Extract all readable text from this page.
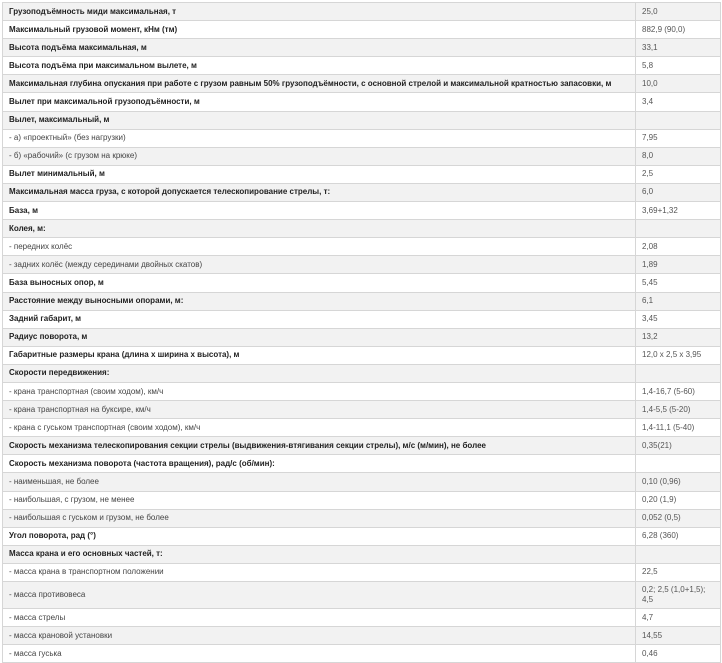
Грузоподъёмность миди максимальная, т	25,0
Максимальный грузовой момент, кНм (тм)	882,9 (90,0)
Высота подъёма максимальная, м	33,1
Высота подъёма при максимальном вылете, м	5,8
Максимальная глубина опускания при работе с грузом равным 50% грузоподъёмности, с основной стрелой и максимальной кратностью запасовки, м	10,0
Вылет при максимальной грузоподъёмности, м	3,4
Вылет, максимальный, м	
- а) «проектный» (без нагрузки)	7,95
- б) «рабочий» (с грузом на крюке)	8,0
Вылет минимальный, м	2,5
Максимальная масса груза, с которой допускается телескопирование стрелы, т:	6,0
База, м	3,69+1,32
Колея, м:	
- передних колёс	2,08
- задних колёс (между серединами двойных скатов)	1,89
База выносных опор, м	5,45
Расстояние между выносными опорами, м:	6,1
Задний габарит, м	3,45
Радиус поворота, м	13,2
Габаритные размеры крана (длина х ширина х высота), м	12,0 х 2,5 х 3,95
Скорости передвижения:	
- крана транспортная (своим ходом), км/ч	1,4-16,7 (5-60)
- крана транспортная на буксире, км/ч	1,4-5,5 (5-20)
- крана с гуськом транспортная (своим ходом), км/ч	1,4-11,1 (5-40)
Скорость механизма телескопирования секции стрелы (выдвижения-втягивания секции стрелы), м/с (м/мин), не более	0,35(21)
Скорость механизма поворота (частота вращения), рад/с (об/мин):	
- наименьшая, не более	0,10 (0,96)
- наибольшая, с грузом, не менее	0,20 (1,9)
- наибольшая с гуськом и грузом, не более	0,052 (0,5)
Угол поворота, рад (°)	6,28 (360)
Масса крана и его основных частей, т:	
- масса крана в транспортном положении	22,5
- масса противовеса	0,2; 2,5 (1,0+1,5); 4,5
- масса стрелы	4,7
- масса крановой установки	14,55
- масса гуська	0,46
